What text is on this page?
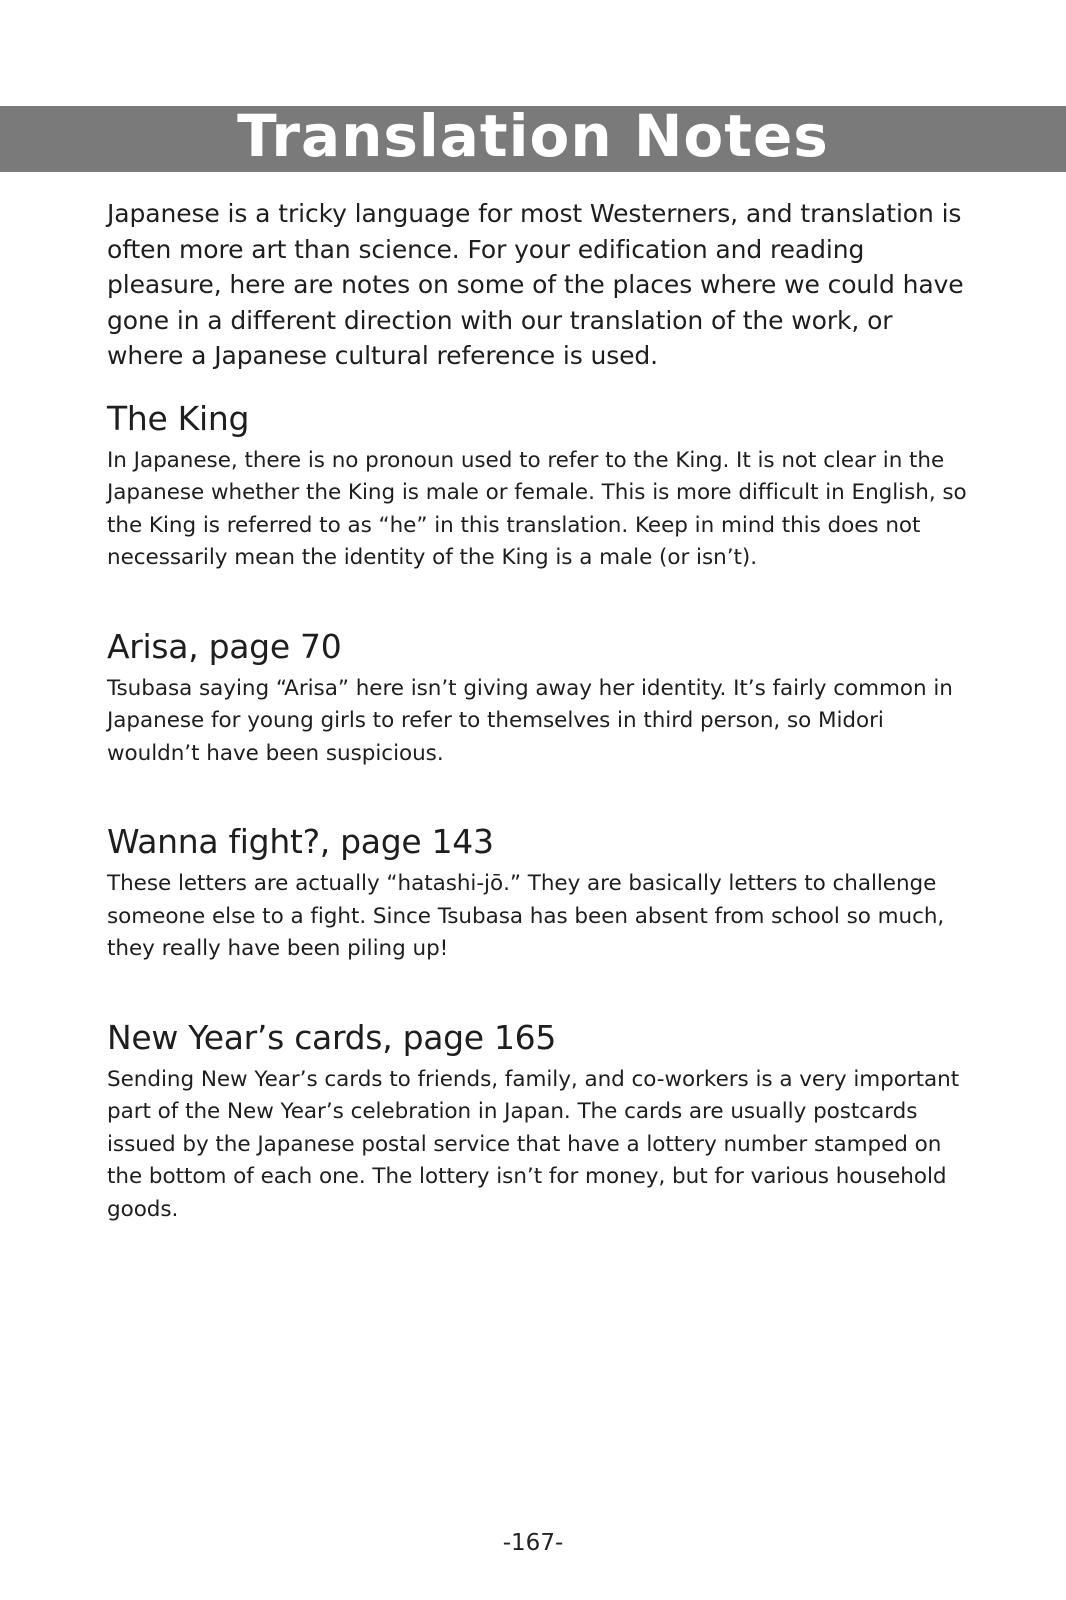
Translation Notes

Japanese is a tricky language for most Westerners, and translation is often more art than science. For your edification and reading pleasure, here are notes on some of the places where we could have gone in a different direction with our translation of the work, or where a Japanese cultural reference is used.

The King

In Japanese, there is no pronoun used to refer to the King. It is not clear in the Japanese whether the King is male or female. This is more difficult in English, so the King is referred to as “he” in this translation. Keep in mind this does not necessarily mean the identity of the King is a male (or isn’t).

Arisa, page 70

Tsubasa saying “Arisa” here isn’t giving away her identity. It’s fairly common in Japanese for young girls to refer to themselves in third person, so Midori wouldn’t have been suspicious.

Wanna fight?, page 143

These letters are actually “hatashi-jō.” They are basically letters to challenge someone else to a fight. Since Tsubasa has been absent from school so much, they really have been piling up!

New Year’s cards, page 165

Sending New Year’s cards to friends, family, and co-workers is a very important part of the New Year’s celebration in Japan. The cards are usually postcards issued by the Japanese postal service that have a lottery number stamped on the bottom of each one. The lottery isn’t for money, but for various household goods.

-167-
